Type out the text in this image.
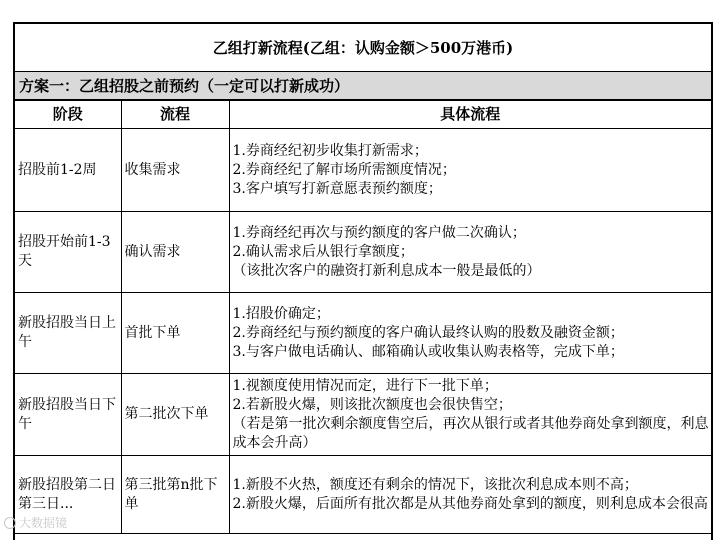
乙组打新流程(乙组：认购金额＞500万港币)
方案一：乙组招股之前预约（一定可以打新成功）
阶段	流程	具体流程
招股前1-2周	收集需求	1.券商经纪初步收集打新需求；
2.券商经纪了解市场所需额度情况；
3.客户填写打新意愿表预约额度；

招股开始前1-3天	确认需求	1.券商经纪再次与预约额度的客户做二次确认；
2.确认需求后从银行拿额度；
（该批次客户的融资打新利息成本一般是最低的）

新股招股当日上午	首批下单	1.招股价确定；
2.券商经纪与预约额度的客户确认最终认购的股数及融资金额；
3.与客户做电话确认、邮箱确认或收集认购表格等，完成下单；

新股招股当日下午	第二批次下单	1.视额度使用情况而定，进行下一批下单；
2.若新股火爆，则该批次额度也会很快售空；
（若是第一批次剩余额度售空后，再次从银行或者其他券商处拿到额度，利息成本会升高）

新股招股第二日第三日...	第三批第n批下单	1.新股不火热，额度还有剩余的情况下，该批次利息成本则不高；
2.新股火爆，后面所有批次都是从其他券商处拿到的额度，则利息成本会很高
大数据镜
